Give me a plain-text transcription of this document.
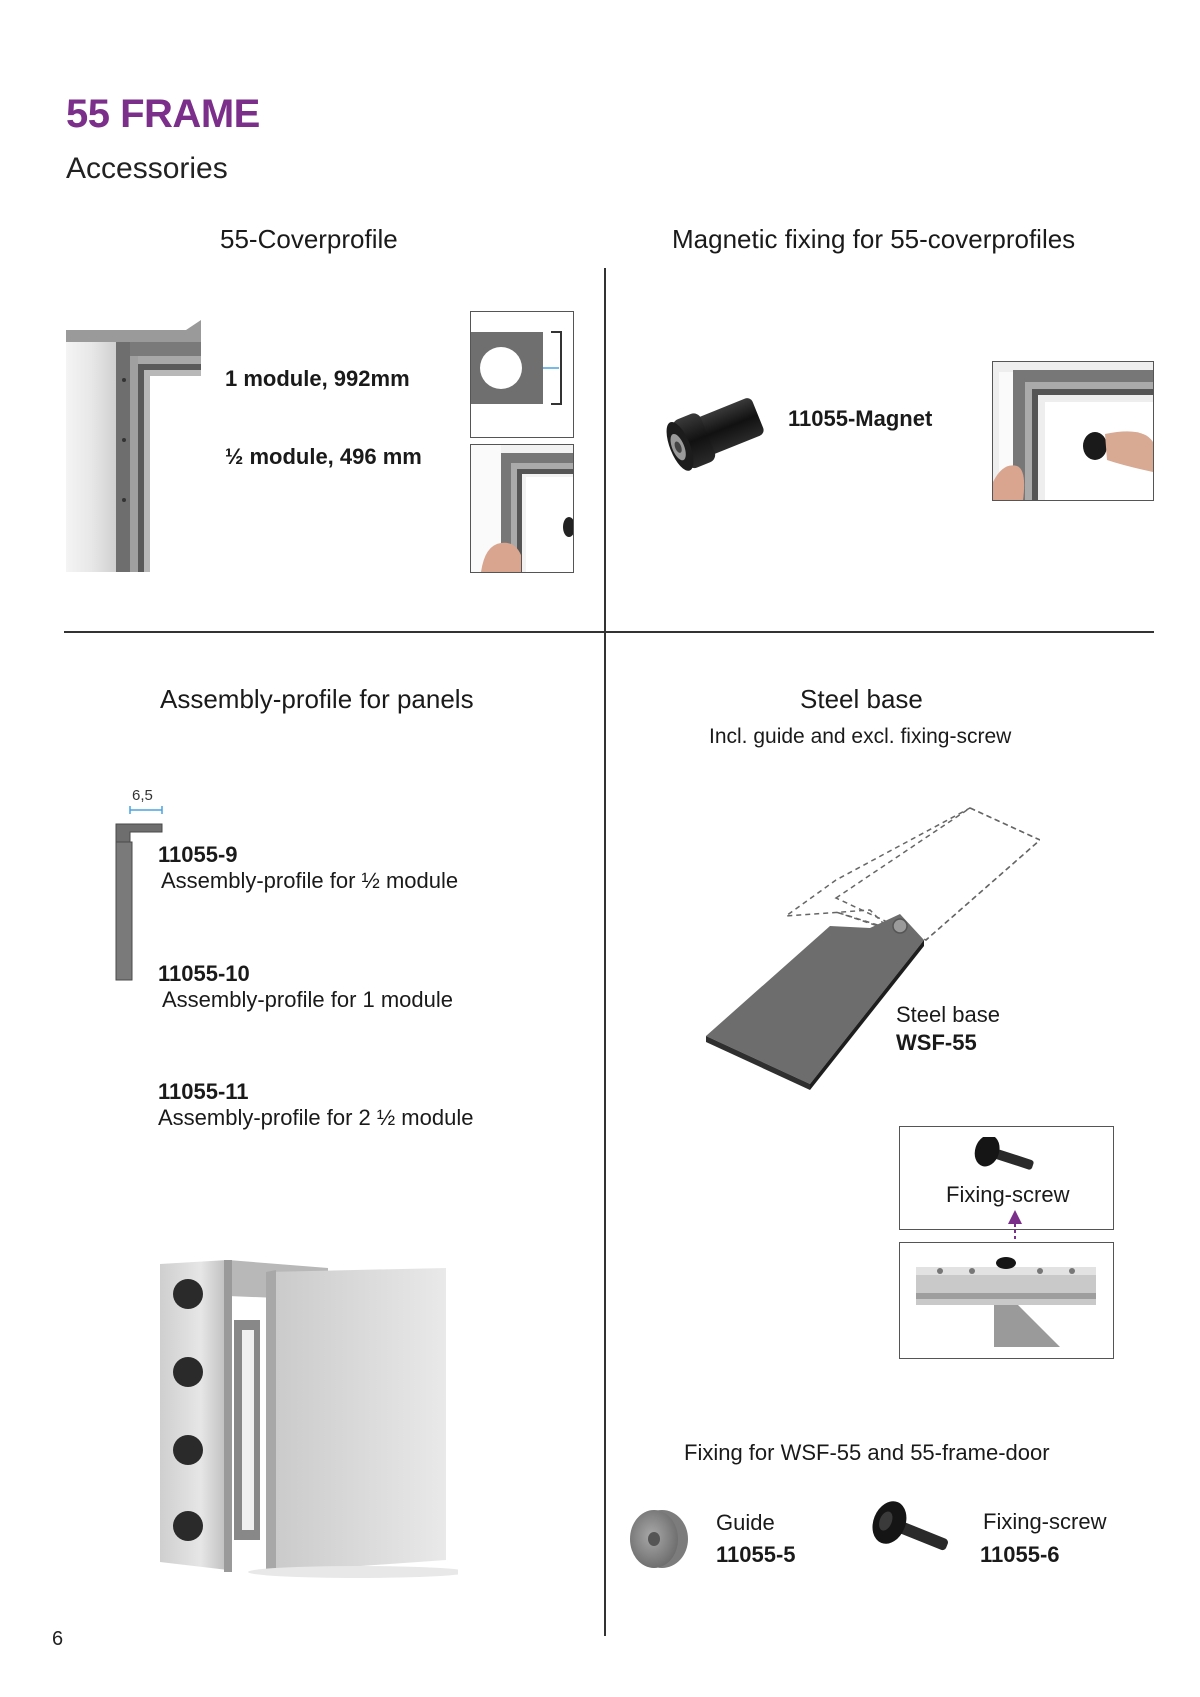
55 FRAME
Accessories
55-Coverprofile
1 module, 992mm
½ module, 496 mm
Magnetic fixing for 55-coverprofiles
11055-Magnet
Assembly-profile for panels
6,5
11055-9
Assembly-profile for ½ module
11055-10
Assembly-profile for 1 module
11055-11
Assembly-profile for 2 ½ module
Steel base
Incl. guide and excl. fixing-screw
Steel base
WSF-55
Fixing-screw
Fixing for WSF-55 and 55-frame-door
Guide
11055-5
Fixing-screw
11055-6
6
